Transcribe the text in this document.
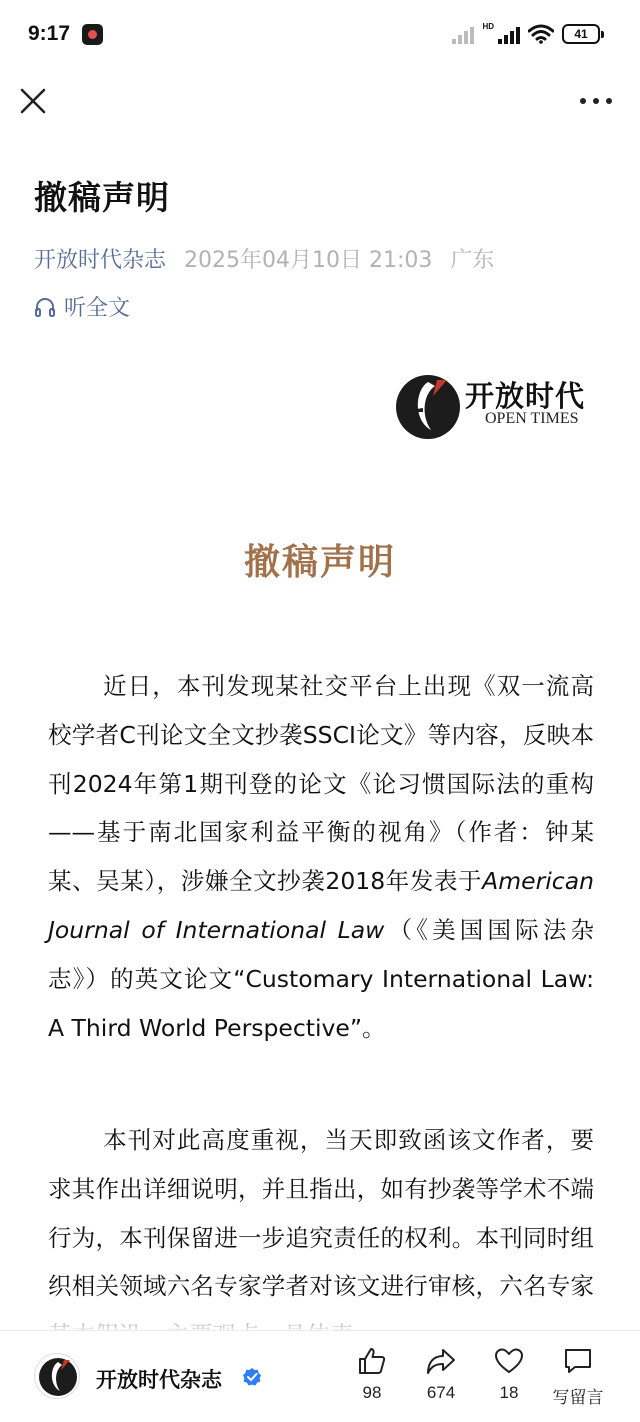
9:17	HD
41
撤稿声明
开放时代杂志 2025年04月10日 21:03 广东
听全文
开放时代
OPEN TIMES
撤稿声明

近日，本刊发现某社交平台上出现《双一流高校学者C刊论文全文抄袭SSCI论文》等内容，反映本刊2024年第1期刊登的论文《论习惯国际法的重构——基于南北国家利益平衡的视角》（作者：钟某某、吴某），涉嫌全文抄袭2018年发表于American Journal of International Law（《美国国际法杂志》）的英文论文“Customary International Law: A Third World Perspective”。

本刊对此高度重视，当天即致函该文作者，要求其作出详细说明，并且指出，如有抄袭等学术不端行为，本刊保留进一步追究责任的权利。本刊同时组织相关领域六名专家学者对该文进行审核，六名专家

开放时代杂志
98	674	18	写留言
